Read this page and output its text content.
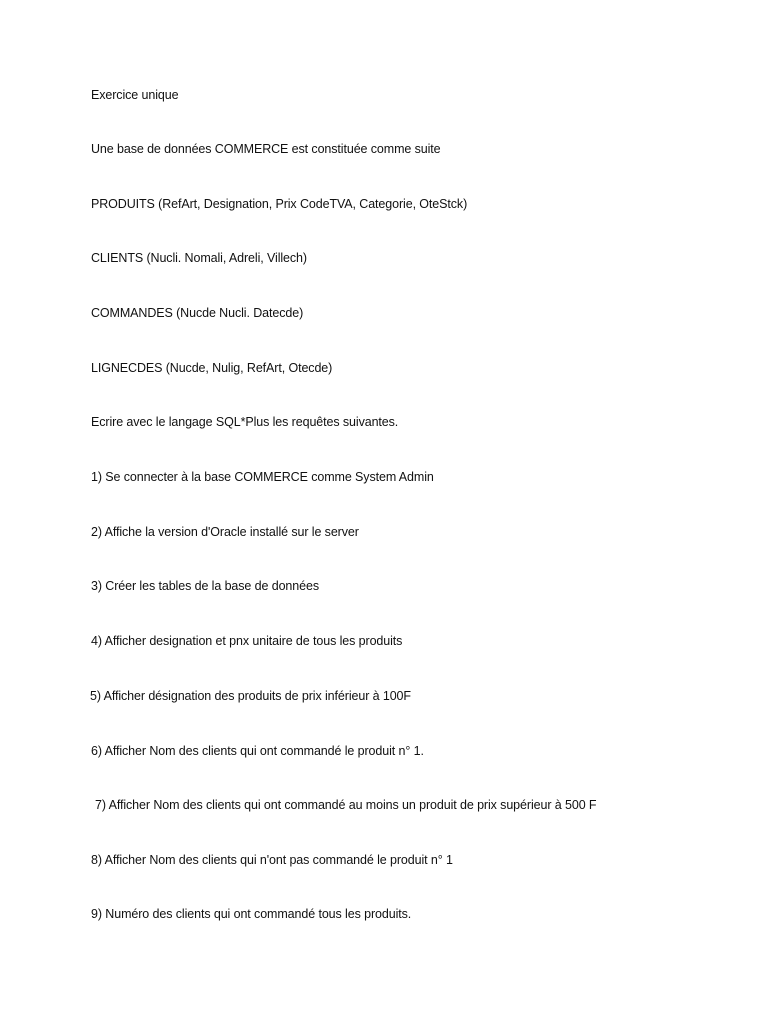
Exercice unique
Une base de données COMMERCE est constituée comme suite
PRODUITS (RefArt, Designation, Prix CodeTVA, Categorie, OteStck)
CLIENTS (Nucli. Nomali, Adreli, Villech)
COMMANDES (Nucde Nucli. Datecde)
LIGNECDES (Nucde, Nulig, RefArt, Otecde)
Ecrire avec le langage SQL*Plus les requêtes suivantes.
1) Se connecter à la base COMMERCE comme System Admin
2) Affiche la version d'Oracle installé sur le server
3) Créer les tables de la base de données
4) Afficher designation et pnx unitaire de tous les produits
5) Afficher désignation des produits de prix inférieur à 100F
6) Afficher Nom des clients qui ont commandé le produit n° 1.
7) Afficher Nom des clients qui ont commandé au moins un produit de prix supérieur à 500 F
8) Afficher Nom des clients qui n'ont pas commandé le produit n° 1
9) Numéro des clients qui ont commandé tous les produits.
